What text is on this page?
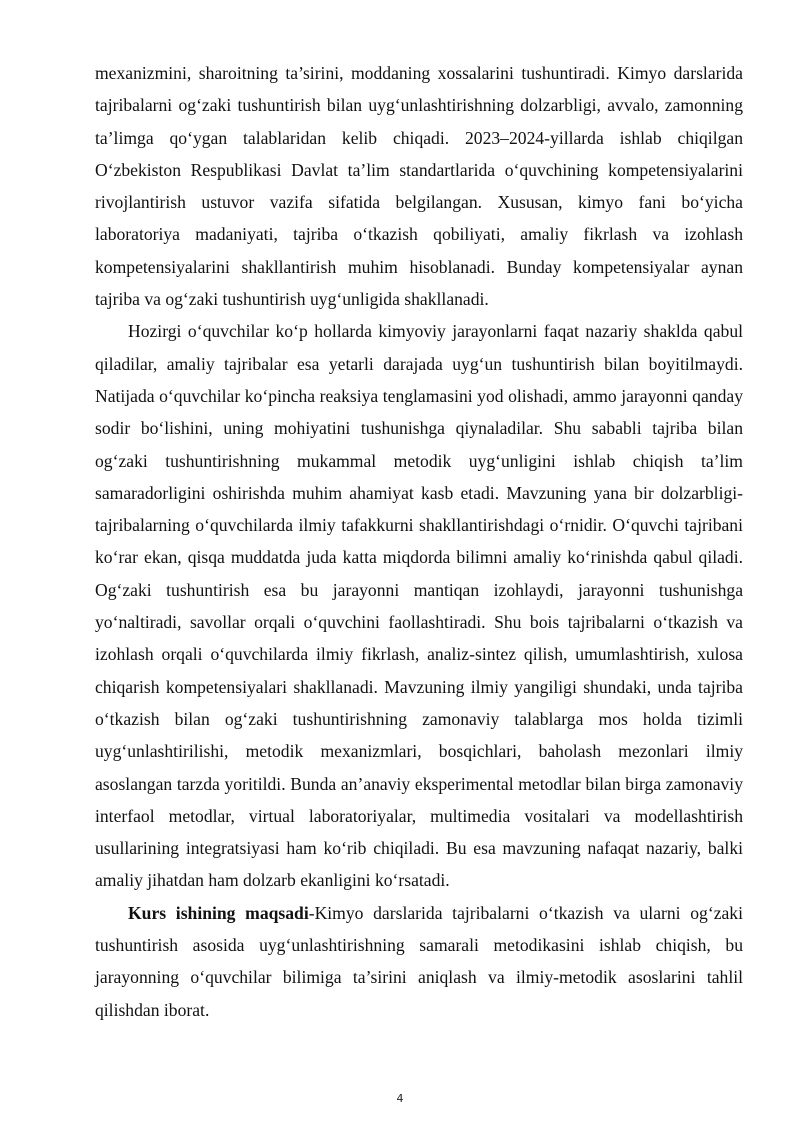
mexanizmini, sharoitning ta’sirini, moddaning xossalarini tushuntiradi. Kimyo darslarida tajribalarni og‘zaki tushuntirish bilan uyg‘unlashtirishning dolzarbligi, avvalo, zamonning ta’limga qo‘ygan talablaridan kelib chiqadi. 2023–2024-yillarda ishlab chiqilgan O‘zbekiston Respublikasi Davlat ta’lim standartlarida o‘quvchining kompetensiyalarini rivojlantirish ustuvor vazifa sifatida belgilangan. Xususan, kimyo fani bo‘yicha laboratoriya madaniyati, tajriba o‘tkazish qobiliyati, amaliy fikrlash va izohlash kompetensiyalarini shakllantirish muhim hisoblanadi. Bunday kompetensiyalar aynan tajriba va og‘zaki tushuntirish uyg‘unligida shakllanadi.

Hozirgi o‘quvchilar ko‘p hollarda kimyoviy jarayonlarni faqat nazariy shaklda qabul qiladilar, amaliy tajribalar esa yetarli darajada uyg‘un tushuntirish bilan boyitilmaydi. Natijada o‘quvchilar ko‘pincha reaksiya tenglamasini yod olishadi, ammo jarayonni qanday sodir bo‘lishini, uning mohiyatini tushunishga qiynaladilar. Shu sababli tajriba bilan og‘zaki tushuntirishning mukammal metodik uyg‘unligini ishlab chiqish ta’lim samaradorligini oshirishda muhim ahamiyat kasb etadi. Mavzuning yana bir dolzarbligi-tajribalarning o‘quvchilarda ilmiy tafakkurni shakllantirishdagi o‘rnidir. O‘quvchi tajribani ko‘rar ekan, qisqa muddatda juda katta miqdorda bilimni amaliy ko‘rinishda qabul qiladi. Og‘zaki tushuntirish esa bu jarayonni mantiqan izohlaydi, jarayonni tushunishga yo‘naltiradi, savollar orqali o‘quvchini faollashtiradi. Shu bois tajribalarni o‘tkazish va izohlash orqali o‘quvchilarda ilmiy fikrlash, analiz-sintez qilish, umumlashtirish, xulosa chiqarish kompetensiyalari shakllanadi. Mavzuning ilmiy yangiligi shundaki, unda tajriba o‘tkazish bilan og‘zaki tushuntirishning zamonaviy talablarga mos holda tizimli uyg‘unlashtirilishi, metodik mexanizmlari, bosqichlari, baholash mezonlari ilmiy asoslangan tarzda yoritildi. Bunda an’anaviy eksperimental metodlar bilan birga zamonaviy interfaol metodlar, virtual laboratoriyalar, multimedia vositalari va modellashtirish usullarining integratsiyasi ham ko‘rib chiqiladi. Bu esa mavzuning nafaqat nazariy, balki amaliy jihatdan ham dolzarb ekanligini ko‘rsatadi.

Kurs ishining maqsadi-Kimyo darslarida tajribalarni o‘tkazish va ularni og‘zaki tushuntirish asosida uyg‘unlashtirishning samarali metodikasini ishlab chiqish, bu jarayonning o‘quvchilar bilimiga ta’sirini aniqlash va ilmiy-metodik asoslarini tahlil qilishdan iborat.

4
